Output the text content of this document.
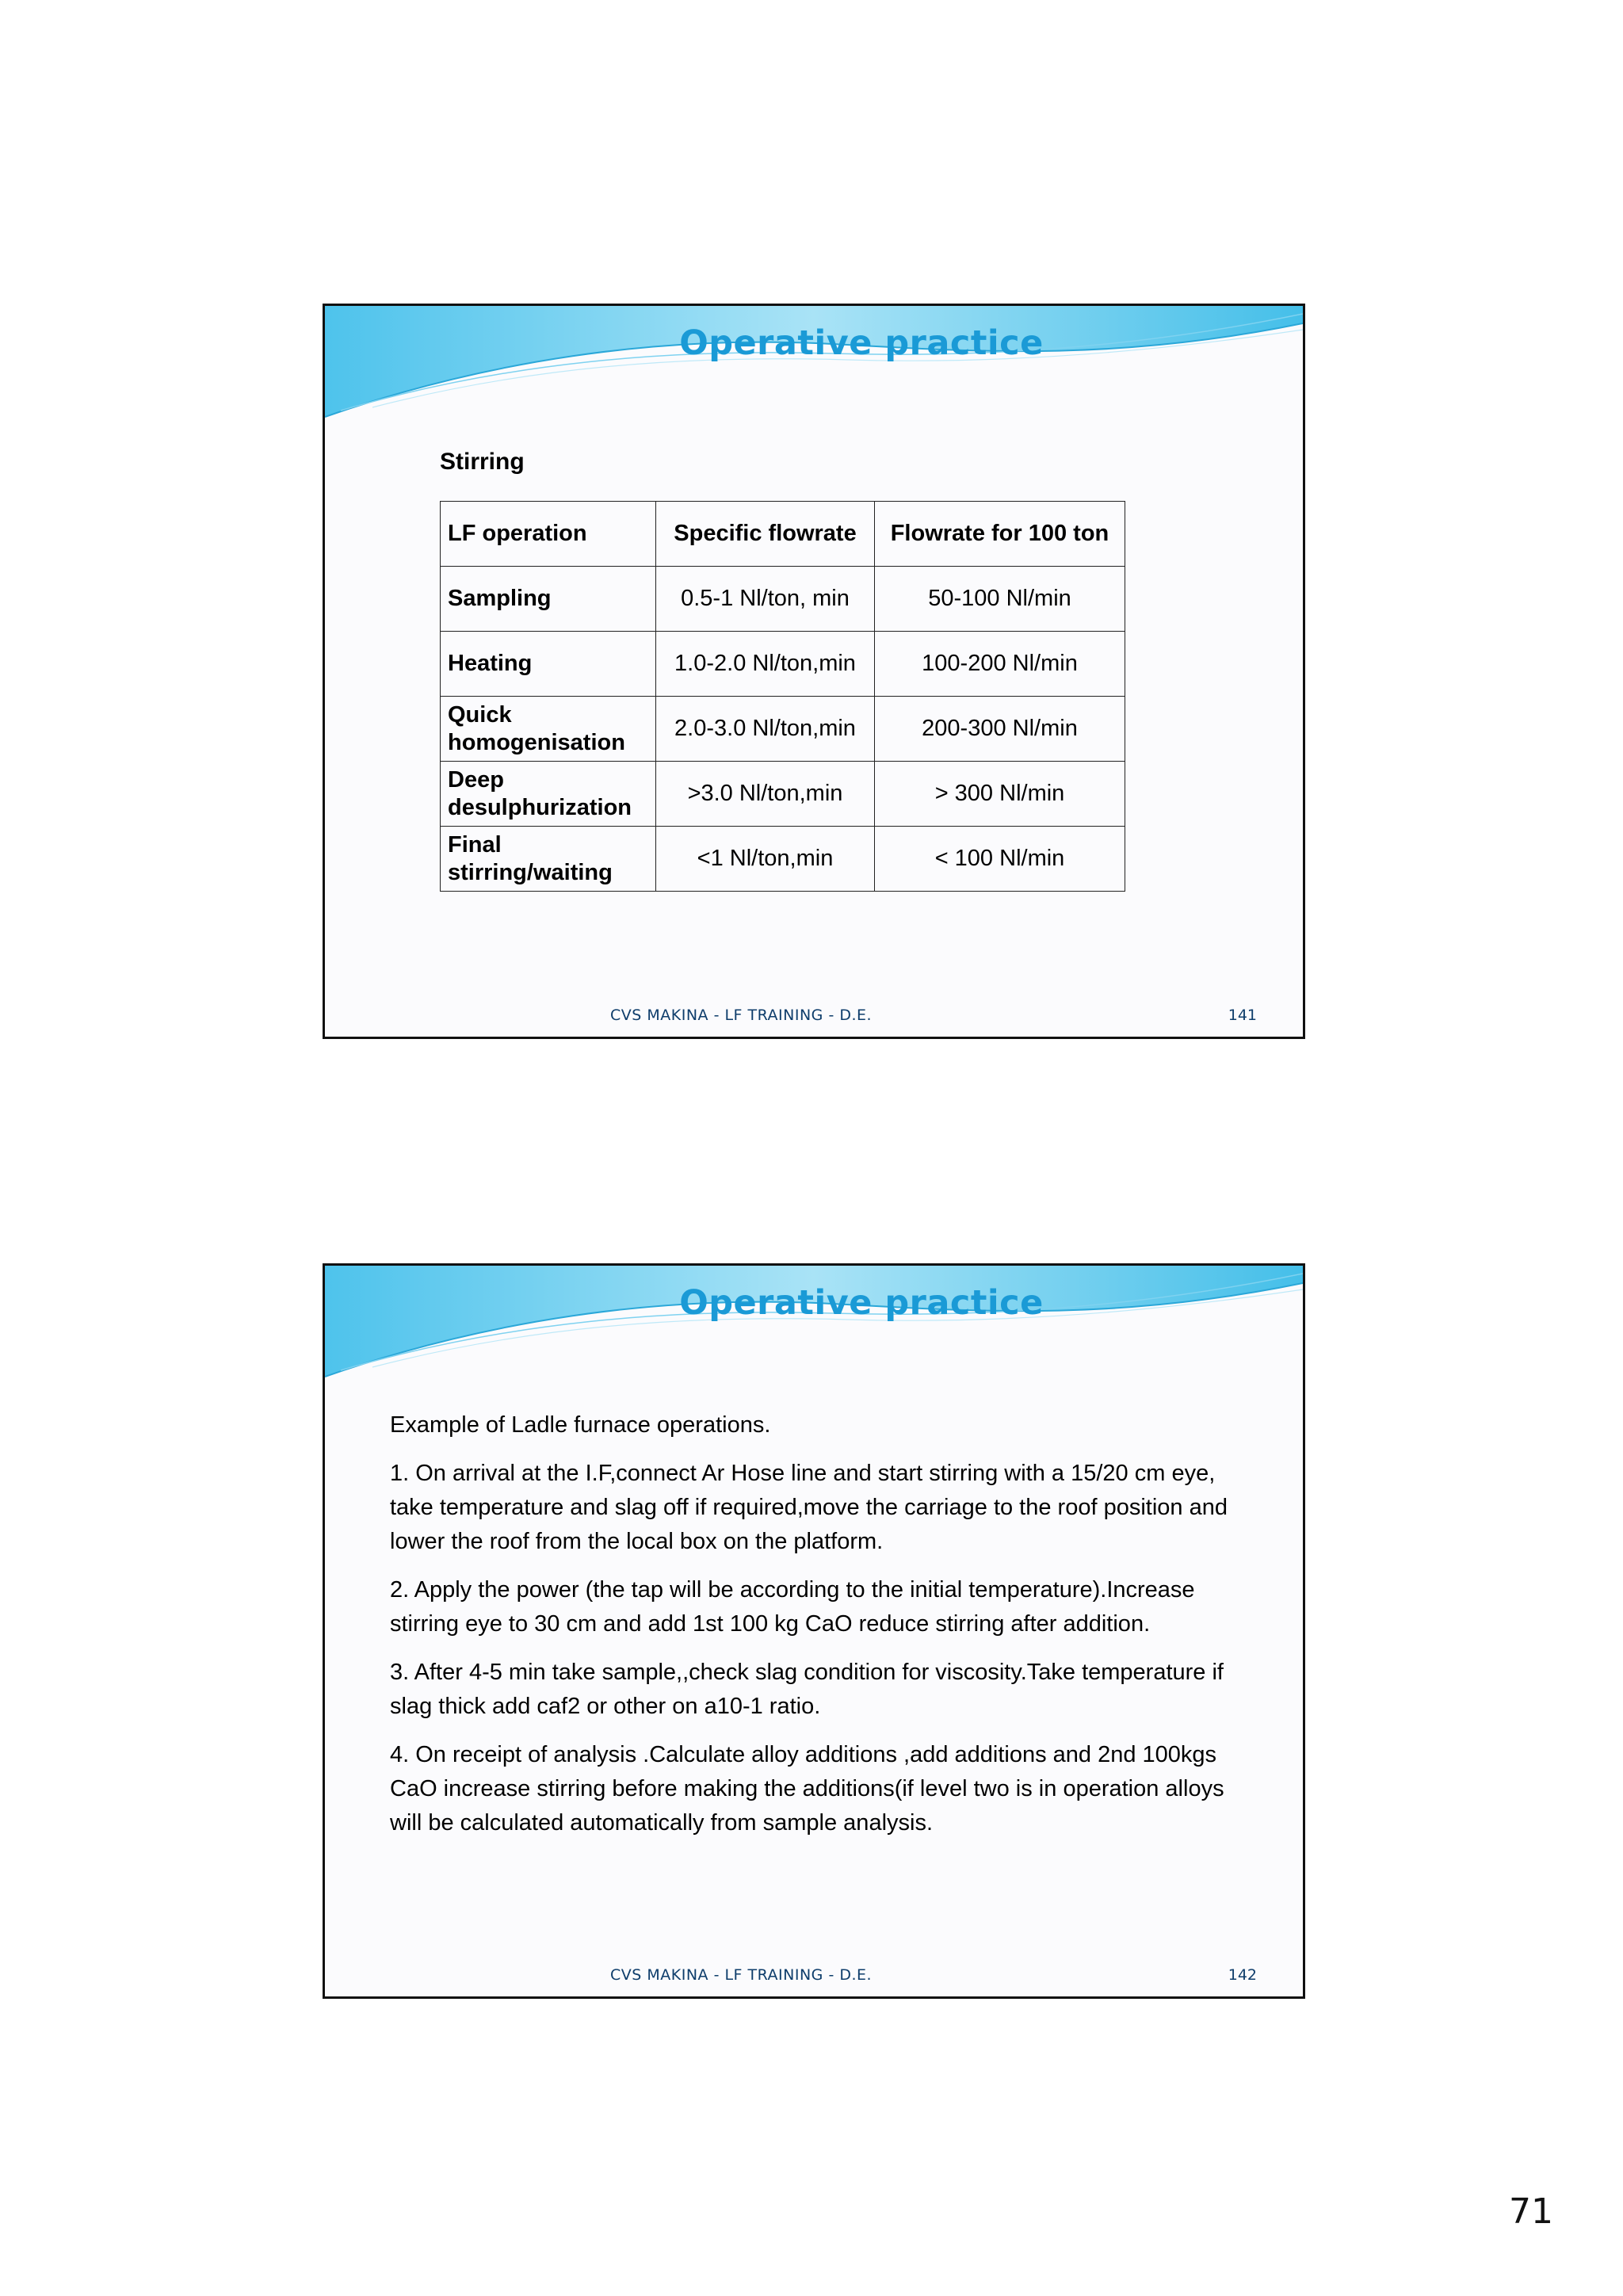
Operative practice
Stirring
LF operation	Specific flowrate	Flowrate for 100 ton
Sampling	0.5-1 Nl/ton, min	50-100 Nl/min
Heating	1.0-2.0 Nl/ton,min	100-200 Nl/min
Quick homogenisation	2.0-3.0 Nl/ton,min	200-300 Nl/min
Deep desulphurization	>3.0 Nl/ton,min	> 300 Nl/min
Final stirring/waiting	<1 Nl/ton,min	< 100 Nl/min
CVS MAKINA - LF TRAINING - D.E.	141
Operative practice

Example of Ladle furnace operations.

1. On arrival at the I.F,connect Ar Hose line and start stirring with a 15/20 cm eye, take temperature and slag off if required,move the carriage to the roof position and lower the roof from the local box on the platform.

2. Apply the power (the tap will be according to the initial temperature).Increase stirring eye to 30 cm and add 1st 100 kg CaO reduce stirring after addition.

3. After 4-5 min take sample,,check slag condition for viscosity.Take temperature if slag thick add caf2 or other on a10-1 ratio.

4. On receipt of analysis .Calculate alloy additions ,add additions and 2nd 100kgs CaO increase stirring before making the additions(if level two is in operation alloys will be calculated automatically from sample analysis.

CVS MAKINA - LF TRAINING - D.E.	142
71
